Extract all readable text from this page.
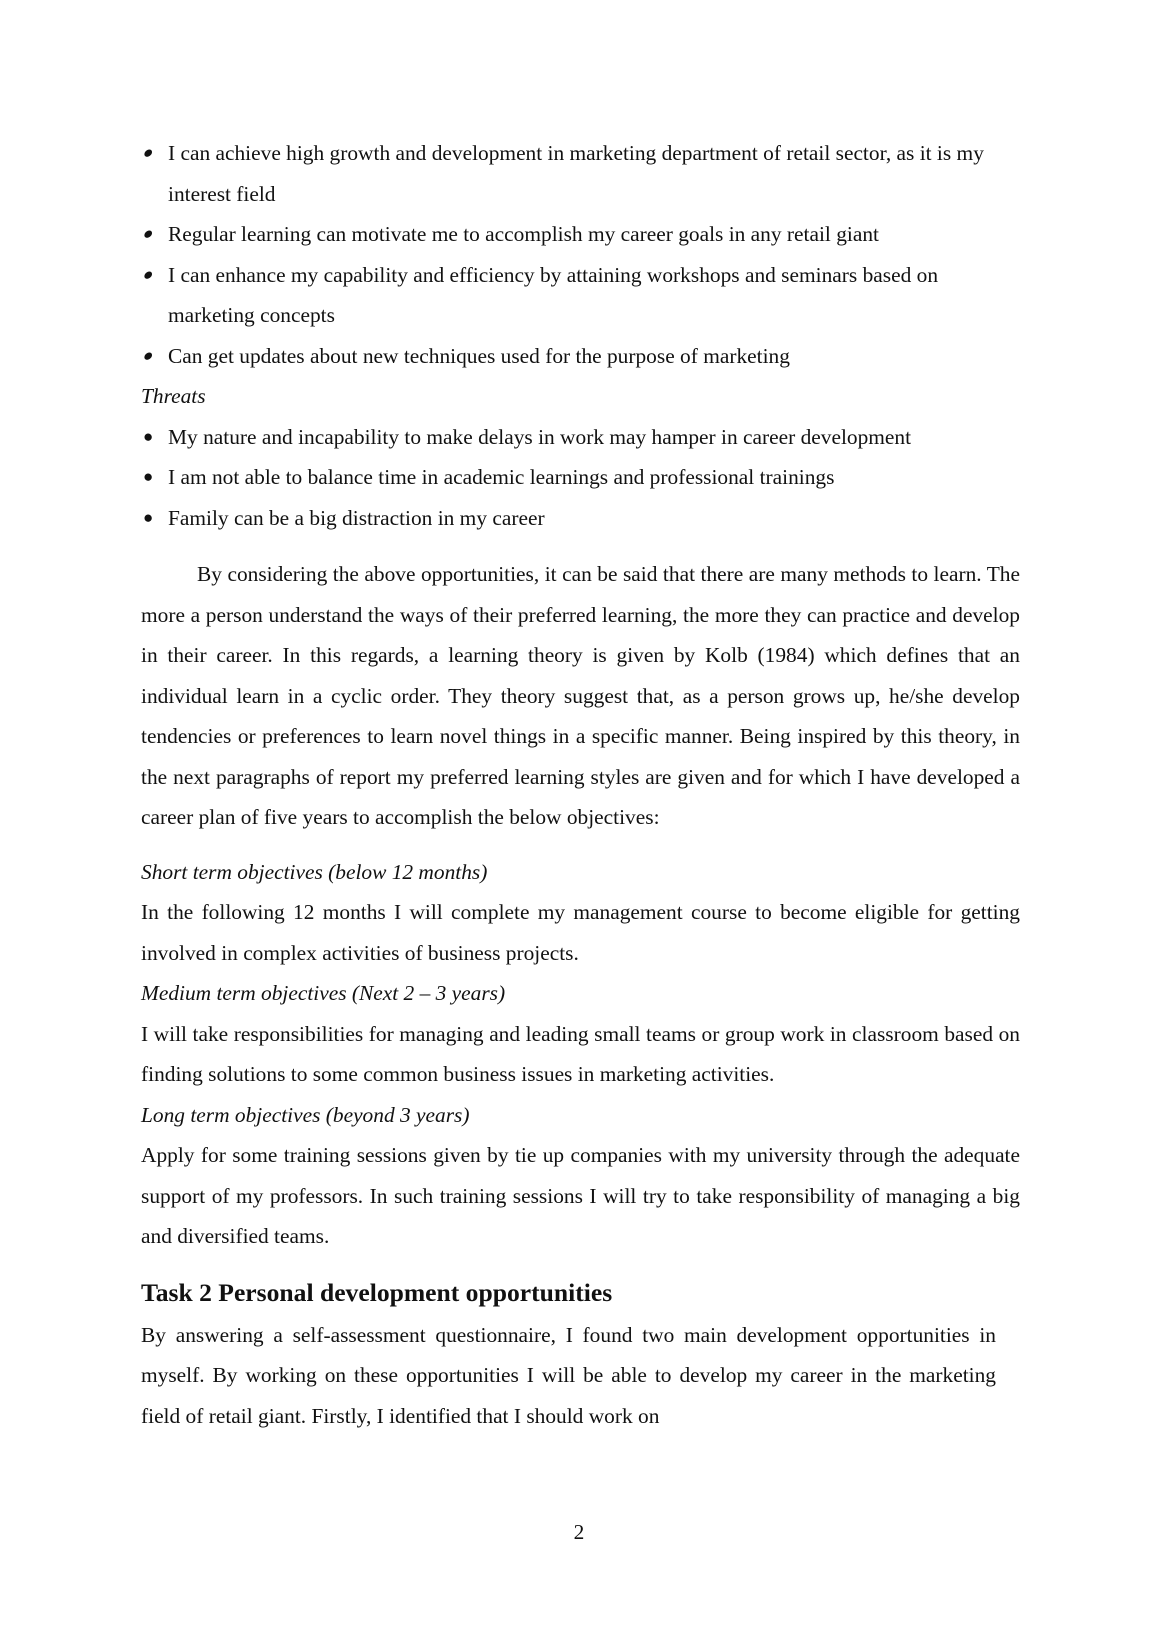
● I can achieve high growth and development in marketing department of retail sector, as it is my interest field
● Regular learning can motivate me to accomplish my career goals in any retail giant
● I can enhance my capability and efficiency by attaining workshops and seminars based on marketing concepts
● Can get updates about new techniques used for the purpose of marketing
Threats
● My nature and incapability to make delays in work may hamper in career development
● I am not able to balance time in academic learnings and professional trainings
● Family can be a big distraction in my career

By considering the above opportunities, it can be said that there are many methods to learn. The more a person understand the ways of their preferred learning, the more they can practice and develop in their career. In this regards, a learning theory is given by Kolb (1984) which defines that an individual learn in a cyclic order. They theory suggest that, as a person grows up, he/she develop tendencies or preferences to learn novel things in a specific manner. Being inspired by this theory, in the next paragraphs of report my preferred learning styles are given and for which I have developed a career plan of five years to accomplish the below objectives:

Short term objectives (below 12 months)

In the following 12 months I will complete my management course to become eligible for getting involved in complex activities of business projects.

Medium term objectives (Next 2 – 3 years)

I will take responsibilities for managing and leading small teams or group work in classroom based on finding solutions to some common business issues in marketing activities.

Long term objectives (beyond 3 years)

Apply for some training sessions given by tie up companies with my university through the adequate support of my professors. In such training sessions I will try to take responsibility of managing a big and diversified teams.

Task 2 Personal development opportunities

By answering a self-assessment questionnaire, I found two main development opportunities in myself. By working on these opportunities I will be able to develop my career in the marketing field of retail giant. Firstly, I identified that I should work on

2
